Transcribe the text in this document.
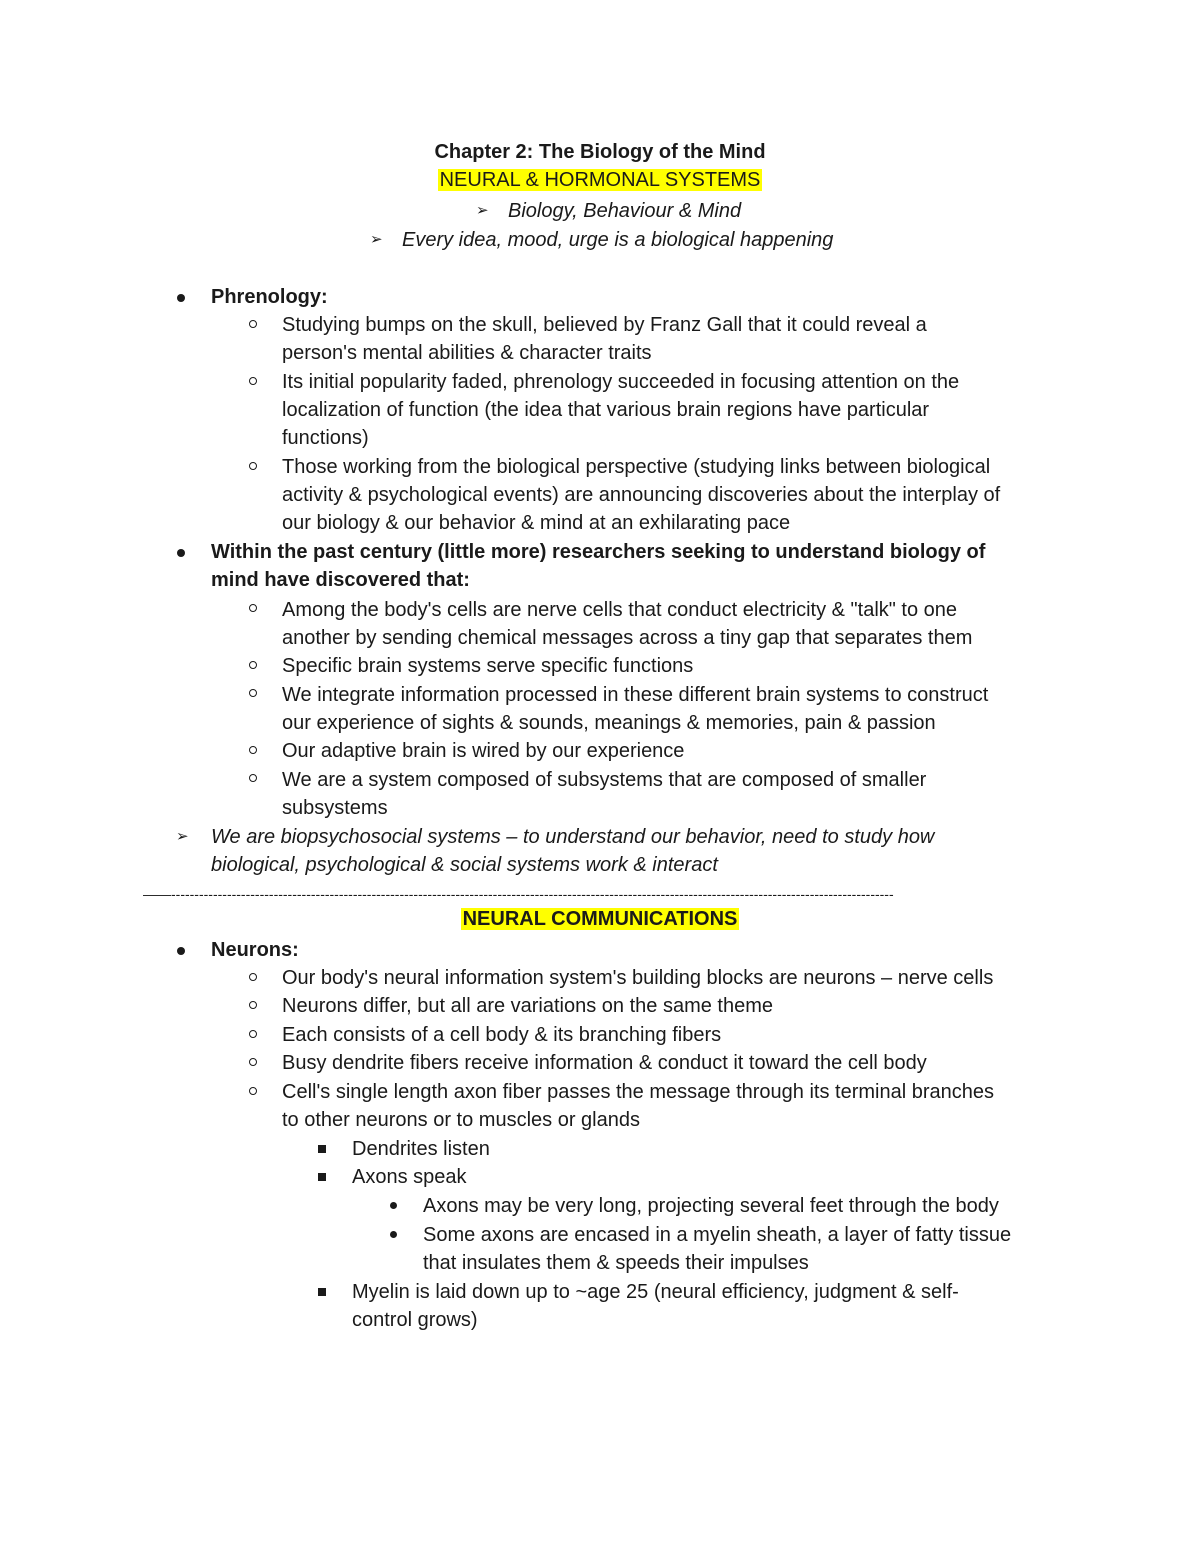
Chapter 2: The Biology of the Mind
NEURAL & HORMONAL SYSTEMS
➢ Biology, Behaviour & Mind
➢ Every idea, mood, urge is a biological happening
Phrenology:
Studying bumps on the skull, believed by Franz Gall that it could reveal a
person's mental abilities & character traits
Its initial popularity faded, phrenology succeeded in focusing attention on the
localization of function (the idea that various brain regions have particular
functions)
Those working from the biological perspective (studying links between biological
activity & psychological events) are announcing discoveries about the interplay of
our biology & our behavior & mind at an exhilarating pace
Within the past century (little more) researchers seeking to understand biology of
mind have discovered that:
Among the body's cells are nerve cells that conduct electricity & "talk" to one
another by sending chemical messages across a tiny gap that separates them
Specific brain systems serve specific functions
We integrate information processed in these different brain systems to construct
our experience of sights & sounds, meanings & memories, pain & passion
Our adaptive brain is wired by our experience
We are a system composed of subsystems that are composed of smaller
subsystems
➢ We are biopsychosocial systems – to understand our behavior, need to study how
biological, psychological & social systems work & interact
——-----------------------------------------------------------------------------------------------------------------------------------------------------------
NEURAL COMMUNICATIONS
Neurons:
Our body's neural information system's building blocks are neurons – nerve cells
Neurons differ, but all are variations on the same theme
Each consists of a cell body & its branching fibers
Busy dendrite fibers receive information & conduct it toward the cell body
Cell's single length axon fiber passes the message through its terminal branches
to other neurons or to muscles or glands
Dendrites listen
Axons speak
Axons may be very long, projecting several feet through the body
Some axons are encased in a myelin sheath, a layer of fatty tissue
that insulates them & speeds their impulses
Myelin is laid down up to ~age 25 (neural efficiency, judgment & self-
control grows)
